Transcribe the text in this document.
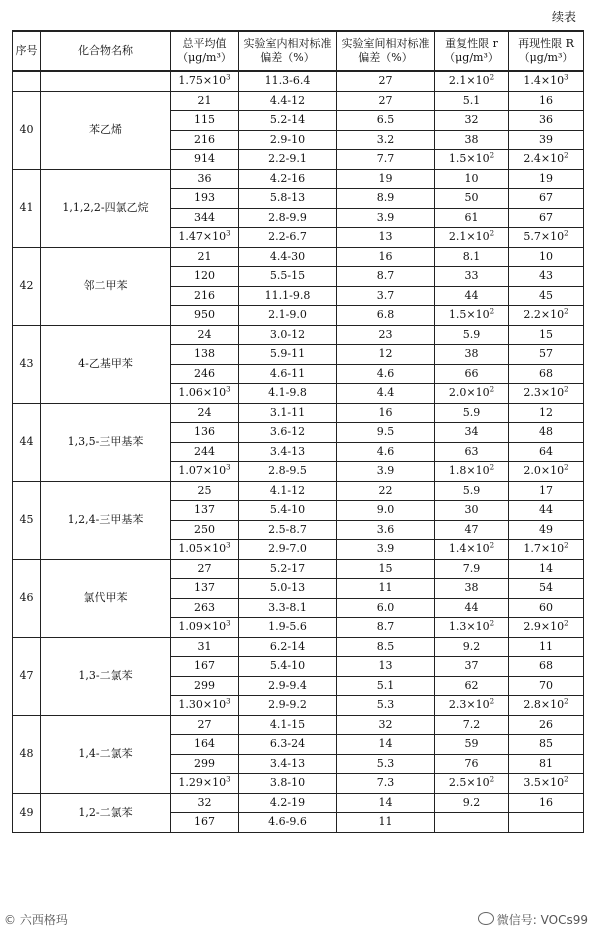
续表
序号	化合物名称	总平均值（μg/m³）	实验室内相对标准偏差（%）	实验室间相对标准偏差（%）	重复性限 r（μg/m³）	再现性限 R（μg/m³）
		$1.75\times 10^3$	11.3-6.4	27	$2.1\times 10^2$	$1.4\times 10^3$
40	苯乙烯	21	4.4-12	27	5.1	16
		115	5.2-14	6.5	32	36
		216	2.9-10	3.2	38	39
		914	2.2-9.1	7.7	$1.5\times 10^2$	$2.4\times 10^2$
41	1,1,2,2-四氯乙烷	36	4.2-16	19	10	19
		193	5.8-13	8.9	50	67
		344	2.8-9.9	3.9	61	67
		$1.47\times 10^3$	2.2-6.7	13	$2.1\times 10^2$	$5.7\times 10^2$
42	邻二甲苯	21	4.4-30	16	8.1	10
		120	5.5-15	8.7	33	43
		216	11.1-9.8	3.7	44	45
		950	2.1-9.0	6.8	$1.5\times 10^2$	$2.2\times 10^2$
43	4-乙基甲苯	24	3.0-12	23	5.9	15
		138	5.9-11	12	38	57
		246	4.6-11	4.6	66	68
		$1.06\times 10^3$	4.1-9.8	4.4	$2.0\times 10^2$	$2.3\times 10^2$
44	1,3,5-三甲基苯	24	3.1-11	16	5.9	12
		136	3.6-12	9.5	34	48
		244	3.4-13	4.6	63	64
		$1.07\times 10^3$	2.8-9.5	3.9	$1.8\times 10^2$	$2.0\times 10^2$
45	1,2,4-三甲基苯	25	4.1-12	22	5.9	17
		137	5.4-10	9.0	30	44
		250	2.5-8.7	3.6	47	49
		$1.05\times 10^3$	2.9-7.0	3.9	$1.4\times 10^2$	$1.7\times 10^2$
46	氯代甲苯	27	5.2-17	15	7.9	14
		137	5.0-13	11	38	54
		263	3.3-8.1	6.0	44	60
		$1.09\times 10^3$	1.9-5.6	8.7	$1.3\times 10^2$	$2.9\times 10^2$
47	1,3-二氯苯	31	6.2-14	8.5	9.2	11
		167	5.4-10	13	37	68
		299	2.9-9.4	5.1	62	70
		$1.30\times 10^3$	2.9-9.2	5.3	$2.3\times 10^2$	$2.8\times 10^2$
48	1,4-二氯苯	27	4.1-15	32	7.2	26
		164	6.3-24	14	59	85
		299	3.4-13	5.3	76	81
		$1.29\times 10^3$	3.8-10	7.3	$2.5\times 10^2$	$3.5\times 10^2$
49	1,2-二氯苯	32	4.2-19	14	9.2	16
		167	4.6-9.6	11		
© 六西格玛	微信号: VOCs99
